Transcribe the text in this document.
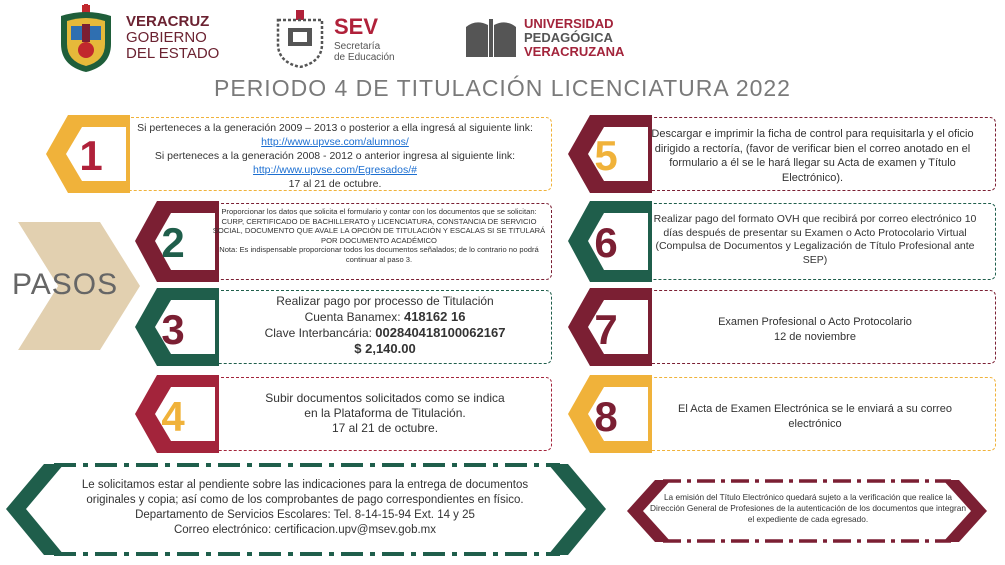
VERACRUZ
GOBIERNO
DEL ESTADO
SEV
Secretaría
de Educación
UNIVERSIDAD
PEDAGÓGICA
VERACRUZANA
PERIODO 4 DE TITULACIÓN LICENCIATURA 2022
PASOS
1
Si perteneces a la generación 2009 – 2013 o posterior a ella ingresá al siguiente link:
http://www.upvse.com/alumnos/
Si perteneces a la generación 2008 - 2012 o anterior ingresa al siguiente link:
http://www.upvse.com/Egresados/#
17 al 21 de octubre.
2
Proporcionar los datos que solicita el formulario y contar con los documentos que se solicitan: CURP, CERTIFICADO DE BACHILLERATO y LICENCIATURA, CONSTANCIA DE SERVICIO SOCIAL, DOCUMENTO QUE AVALE LA OPCIÓN DE TITULACIÓN Y ESCALAS SI SE TITULARÁ POR DOCUMENTO ACADÉMICO
Nota: Es indispensable proporcionar todos los documentos señalados; de lo contrario no podrá continuar al paso 3.
3
Realizar pago por processo de Titulación
Cuenta Banamex: 418162 16
Clave Interbancária: 002840418100062167
$ 2,140.00
4	Subir documentos solicitados como se indica
en la Plataforma de Titulación.
17 al 21 de octubre.
5	Descargar e imprimir la ficha de control para requisitarla y el oficio dirigido a rectoría, (favor de verificar bien el correo anotado en el formulario a él se le hará llegar su Acta de examen y Título Electrónico).
6	Realizar pago del formato OVH que recibirá por correo electrónico 10 días después de presentar su Examen o Acto Protocolario Virtual (Compulsa de Documentos y Legalización de Título Profesional ante SEP)
7	Examen Profesional o Acto Protocolario
12 de noviembre
8	El Acta de Examen Electrónica se le enviará a su correo electrónico
Le solicitamos estar al pendiente sobre las indicaciones para la entrega de documentos
originales y copia; así como de los comprobantes de pago correspondientes en físico.
Departamento de Servicios Escolares: Tel. 8-14-15-94 Ext. 14 y 25
Correo electrónico: certificacion.upv@msev.gob.mx
La emisión del Título Electrónico quedará sujeto a la verificación que realice la Dirección General de Profesiones de la autenticación de los documentos que integran el expediente de cada egresado.
